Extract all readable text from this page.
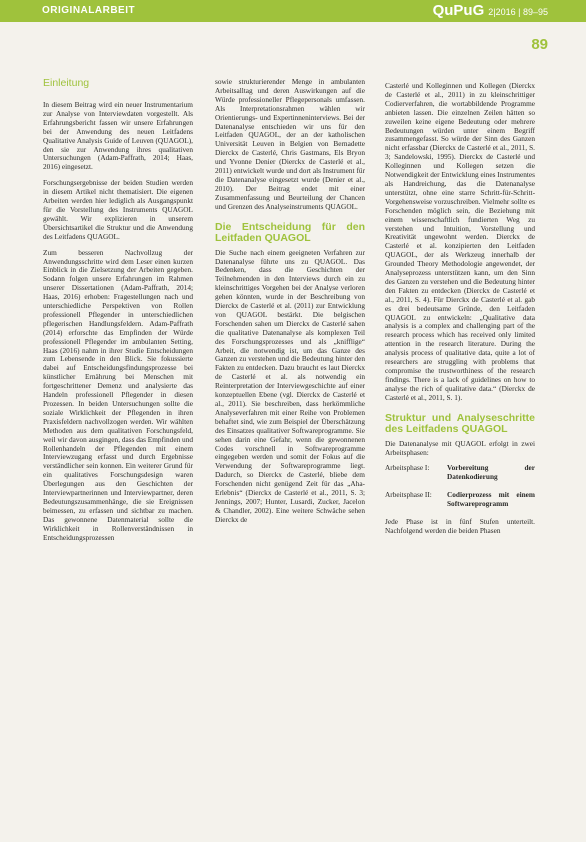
ORIGINALARBEIT	QuPuG 2|2016 | 89–95
89
Einleitung

In diesem Beitrag wird ein neuer Instrumentarium zur Analyse von Interviewdaten vorgestellt. Als Erfahrungsbericht fassen wir unsere Erfahrungen bei der Anwendung des neuen Leitfadens Qualitative Analysis Guide of Leuven (QUAGOL), den sie zur Anwendung ihres qualitativen Untersuchungen (Adam-Paffrath, 2014; Haas, 2016) eingesetzt.

Forschungsergebnisse der beiden Studien werden in diesem Artikel nicht thematisiert. Die eigenen Arbeiten werden hier lediglich als Ausgangspunkt für die Vorstellung des Instruments QUAGOL gewählt. Wir explizieren in unserem Übersichtsartikel die Struktur und die Anwendung des Leitfadens QUAGOL.

Zum besseren Nachvollzug der Anwendungsschritte wird dem Leser einen kurzen Einblick in die Zielsetzung der Arbeiten gegeben. Sodann folgen unsere Erfahrungen im Rahmen unserer Dissertationen (Adam-Paffrath, 2014; Haas, 2016) erhoben: Fragestellungen nach und unterschiedliche Perspektiven von Rollen professionell Pflegender in unterschiedlichen pflegerischen Handlungsfeldern. Adam-Paffrath (2014) erforschte das Empfinden der Würde professionell Pflegender im ambulanten Setting, Haas (2016) nahm in ihrer Studie Entscheidungen zum Lebensende in den Blick. Sie fokussierte dabei auf Entscheidungsfindungsprozesse bei künstlicher Ernährung bei Menschen mit fortgeschrittener Demenz und analysierte das Handeln professionell Pflegender in diesen Prozessen. In beiden Untersuchungen sollte die soziale Wirklichkeit der Pflegenden in ihren Praxisfeldern nachvollzogen werden. Wir wählten Methoden aus dem qualitativen Forschungsfeld, weil wir davon ausgingen, dass das Empfinden und Rollenhandeln der Pflegenden mit einem Interviewzugang erfasst und durch Ergebnisse verständlicher sein konnen. Ein weiterer Grund für ein qualitatives Forschungsdesign waren Überlegungen aus den Geschichten der Interviewpartnerinnen und Interviewpartner, deren Bedeutungszusammenhänge, die sie Ereignissen beimessen, zu erfassen und sichtbar zu machen. Das gewonnene Datenmaterial sollte die Wirklichkeit in Rollenverständnissen in Entscheidungsprozessen

sowie strukturierender Menge in ambulanten Arbeitsalltag und deren Auswirkungen auf die Würde professioneller Pflegepersonals umfassen. Als Interpretationsrahmen wählen wir Orientierungs- und Expertinneninterviews. Bei der Datenanalyse entschieden wir uns für den Leitfaden QUAGOL, der an der katholischen Universität Leuven in Belgien von Bernadette Dierckx de Casterlé, Chris Gastmans, Els Bryon und Yvonne Denier (Dierckx de Casterlé et al., 2011) entwickelt wurde und dort als Instrument für die Datenanalyse eingesetzt wurde (Denier et al., 2010). Der Beitrag endet mit einer Zusammenfassung und Beurteilung der Chancen und Grenzen des Analyseinstruments QUAGOL.

Die Entscheidung für den Leitfaden QUAGOL

Die Suche nach einem geeigneten Verfahren zur Datenanalyse führte uns zu QUAGOL. Das Bedenken, dass die Geschichten der Teilnehmenden in den Interviews durch ein zu kleinschrittiges Vorgehen bei der Analyse verloren gehen könnten, wurde in der Beschreibung von Dierckx de Casterlé et al. (2011) zur Entwicklung von QUAGOL bestärkt. Die belgischen Forschenden sahen um Dierckx de Casterlé sahen die qualitative Datenanalyse als komplexen Teil des Forschungsprozesses und als „knifflige“ Arbeit, die notwendig ist, um das Ganze des Ganzen zu verstehen und die Bedeutung hinter den Fakten zu entdecken. Dazu braucht es laut Dierckx de Casterlé et al. als notwendig ein Reinterpretation der Interviewgeschichte auf einer konzeptuellen Ebene (vgl. Dierckx de Casterlé et al., 2011). Sie beschreiben, dass herkömmliche Analyseverfahren mit einer Reihe von Problemen behaftet sind, wie zum Beispiel der Überschätzung des Einsatzes qualitativer Softwareprogramme. Sie sehen darin eine Gefahr, wenn die gewonnenen Codes vorschnell in Softwareprogramme eingegeben werden und somit der Fokus auf die Verwendung der Softwareprogramme liegt. Dadurch, so Dierckx de Casterlé, bliebe dem Forschenden nicht genügend Zeit für das „Aha-Erlebnis“ (Dierckx de Casterlé et al., 2011, S. 3; Jennings, 2007; Hunter, Lusardi, Zucker, Jacelon & Chandler, 2002). Eine weitere Schwäche sehen Dierckx de

Casterlé und Kolleginnen und Kollegen (Dierckx de Casterlé et al., 2011) in zu kleinschrittiger Codierverfahren, die wortabbildende Programme anbieten lassen. Die einzelnen Zeilen hätten so zuweilen keine eigene Bedeutung oder mehrere Bedeutungen würden unter einem Begriff zusammengefasst. So würde der Sinn des Ganzen nicht erfassbar (Dierckx de Casterlé et al., 2011, S. 3; Sandelowski, 1995). Dierckx de Casterlé und Kolleginnen und Kollegen setzen die Notwendigkeit der Entwicklung eines Instrumentes als Handreichung, das die Datenanalyse unterstützt, ohne eine starre Schritt-für-Schritt-Vorgehensweise vorzuschreiben. Vielmehr sollte es Forschenden möglich sein, die Beziehung mit einem wissenschaftlich fundierten Weg zu verstehen und Intuition, Vorstellung und Kreativität ungewohnt werden. Dierckx de Casterlé et al. konzipierten den Leitfaden QUAGOL, der als Werkzeug innerhalb der Grounded Theory Methodologie angewendet, der Analyseprozess unterstützen kann, um den Sinn des Ganzen zu verstehen und die Bedeutung hinter den Fakten zu entdecken (Dierckx de Casterlé et al., 2011, S. 4). Für Dierckx de Casterlé et al. gab es drei bedeutsame Gründe, den Leitfaden QUAGOL zu entwickeln: „Qualitative data analysis is a complex and challenging part of the research process which has received only limited attention in the research literature. During the analysis process of qualitative data, quite a lot of researchers are struggling with problems that compromise the trustworthiness of the research findings. There is a lack of guidelines on how to analyse the rich of qualitative data.“ (Dierckx de Casterlé et al., 2011, S. 1).

Struktur und Analyseschritte des Leitfadens QUAGOL

Die Datenanalyse mit QUAGOL erfolgt in zwei Arbeitsphasen:

Arbeitsphase I:	Vorbereitung der Datenkodierung
Arbeitsphase II:	Codierprozess mit einem Softwareprogramm

Jede Phase ist in fünf Stufen unterteilt. Nachfolgend werden die beiden Phasen
